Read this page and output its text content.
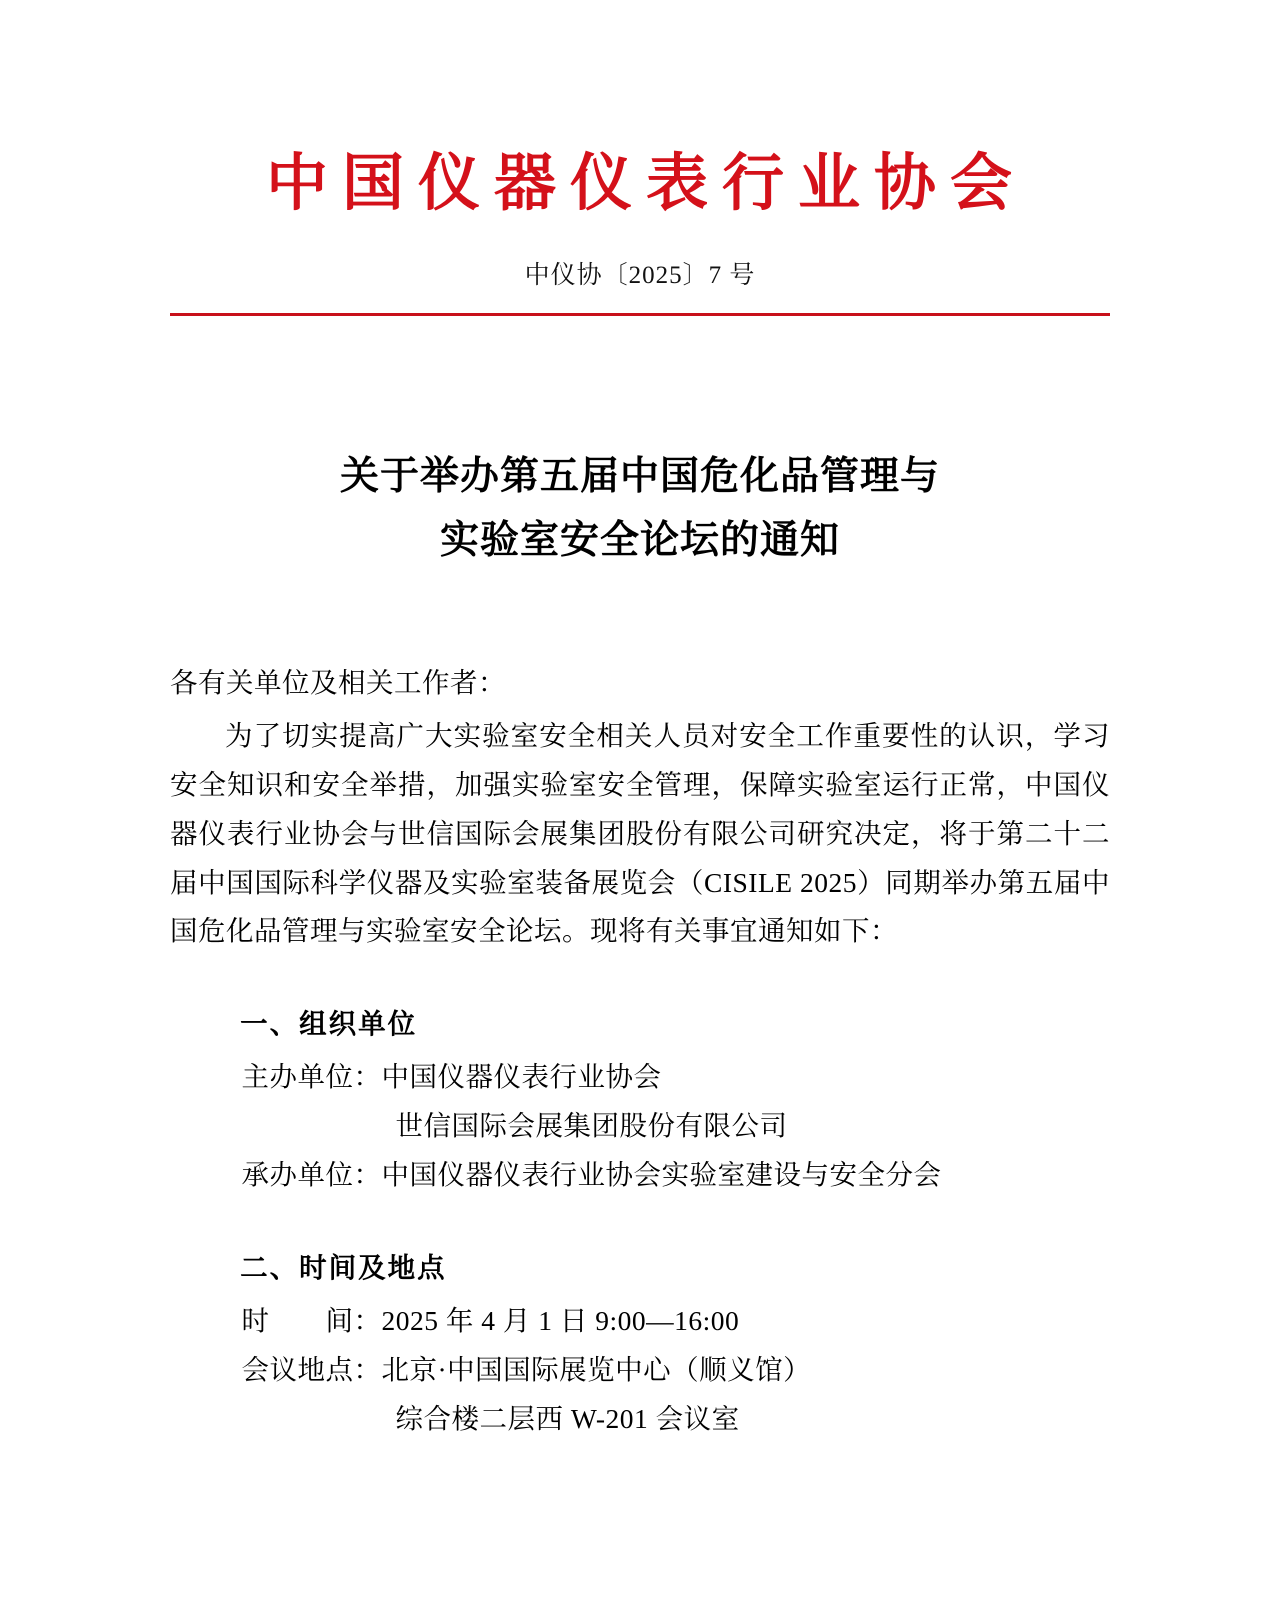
中国仪器仪表行业协会
中仪协〔2025〕7 号
关于举办第五届中国危化品管理与
实验室安全论坛的通知
各有关单位及相关工作者：
为了切实提高广大实验室安全相关人员对安全工作重要性的认识，学习安全知识和安全举措，加强实验室安全管理，保障实验室运行正常，中国仪器仪表行业协会与世信国际会展集团股份有限公司研究决定，将于第二十二届中国国际科学仪器及实验室装备展览会（CISILE 2025）同期举办第五届中国危化品管理与实验室安全论坛。现将有关事宜通知如下：
一、组织单位
主办单位：中国仪器仪表行业协会
世信国际会展集团股份有限公司
承办单位：中国仪器仪表行业协会实验室建设与安全分会
二、时间及地点
时　　间：2025 年 4 月 1 日 9:00—16:00
会议地点：北京·中国国际展览中心（顺义馆）
综合楼二层西 W-201 会议室
